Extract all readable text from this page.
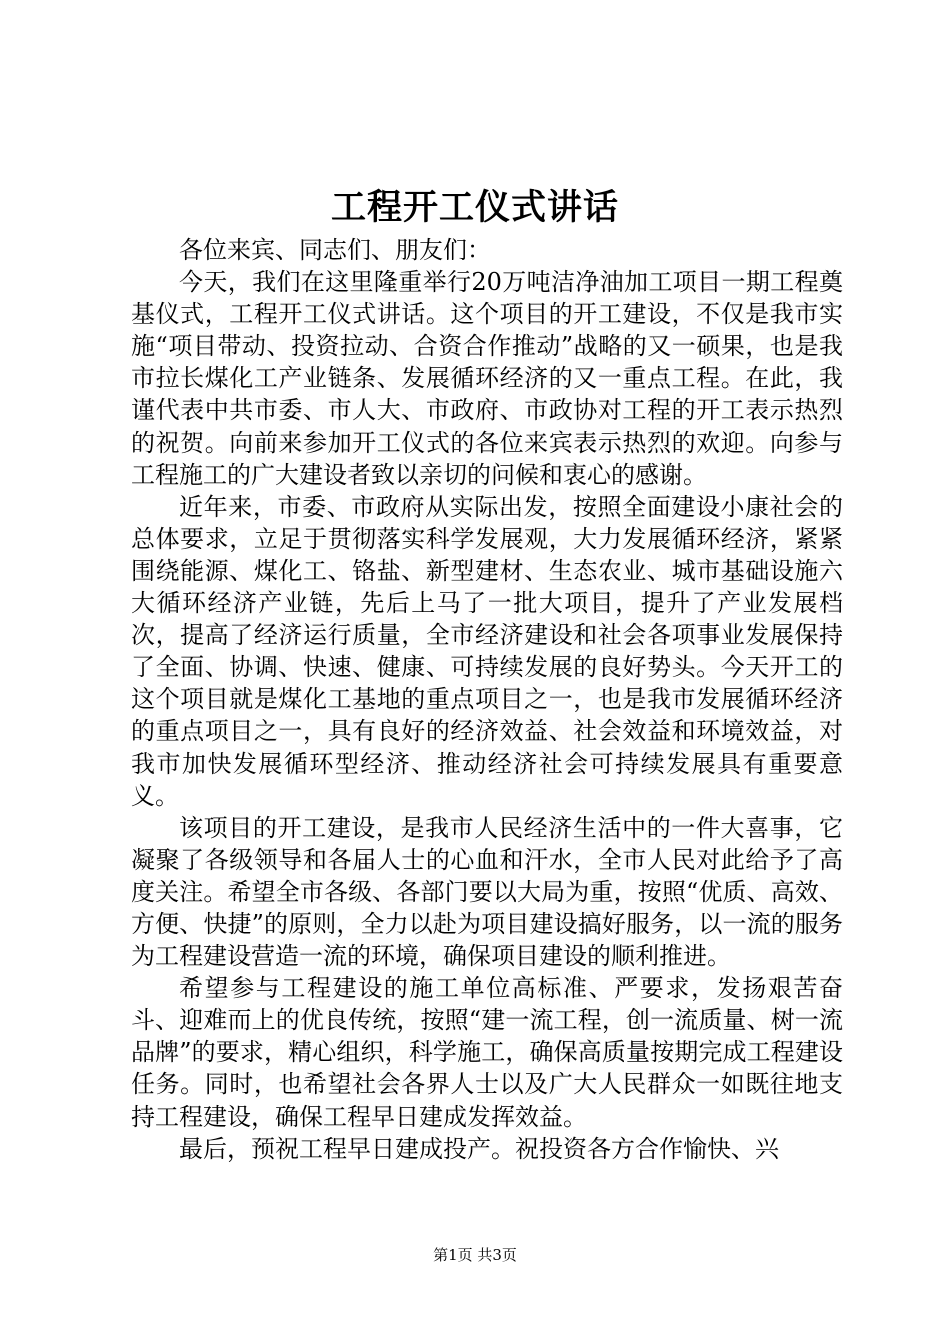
工程开工仪式讲话

各位来宾、同志们、朋友们：

今天，我们在这里隆重举行20万吨洁净油加工项目一期工程奠基仪式，工程开工仪式讲话。这个项目的开工建设，不仅是我市实施“项目带动、投资拉动、合资合作推动”战略的又一硕果，也是我市拉长煤化工产业链条、发展循环经济的又一重点工程。在此，我谨代表中共市委、市人大、市政府、市政协对工程的开工表示热烈的祝贺。向前来参加开工仪式的各位来宾表示热烈的欢迎。向参与工程施工的广大建设者致以亲切的问候和衷心的感谢。

近年来，市委、市政府从实际出发，按照全面建设小康社会的总体要求，立足于贯彻落实科学发展观，大力发展循环经济，紧紧围绕能源、煤化工、铬盐、新型建材、生态农业、城市基础设施六大循环经济产业链，先后上马了一批大项目，提升了产业发展档次，提高了经济运行质量，全市经济建设和社会各项事业发展保持了全面、协调、快速、健康、可持续发展的良好势头。今天开工的这个项目就是煤化工基地的重点项目之一，也是我市发展循环经济的重点项目之一，具有良好的经济效益、社会效益和环境效益，对我市加快发展循环型经济、推动经济社会可持续发展具有重要意义。

该项目的开工建设，是我市人民经济生活中的一件大喜事，它凝聚了各级领导和各届人士的心血和汗水，全市人民对此给予了高度关注。希望全市各级、各部门要以大局为重，按照“优质、高效、方便、快捷”的原则，全力以赴为项目建设搞好服务，以一流的服务为工程建设营造一流的环境，确保项目建设的顺利推进。

希望参与工程建设的施工单位高标准、严要求，发扬艰苦奋斗、迎难而上的优良传统，按照“建一流工程，创一流质量、树一流品牌”的要求，精心组织，科学施工，确保高质量按期完成工程建设任务。同时，也希望社会各界人士以及广大人民群众一如既往地支持工程建设，确保工程早日建成发挥效益。

最后，预祝工程早日建成投产。祝投资各方合作愉快、兴

第1页 共3页
